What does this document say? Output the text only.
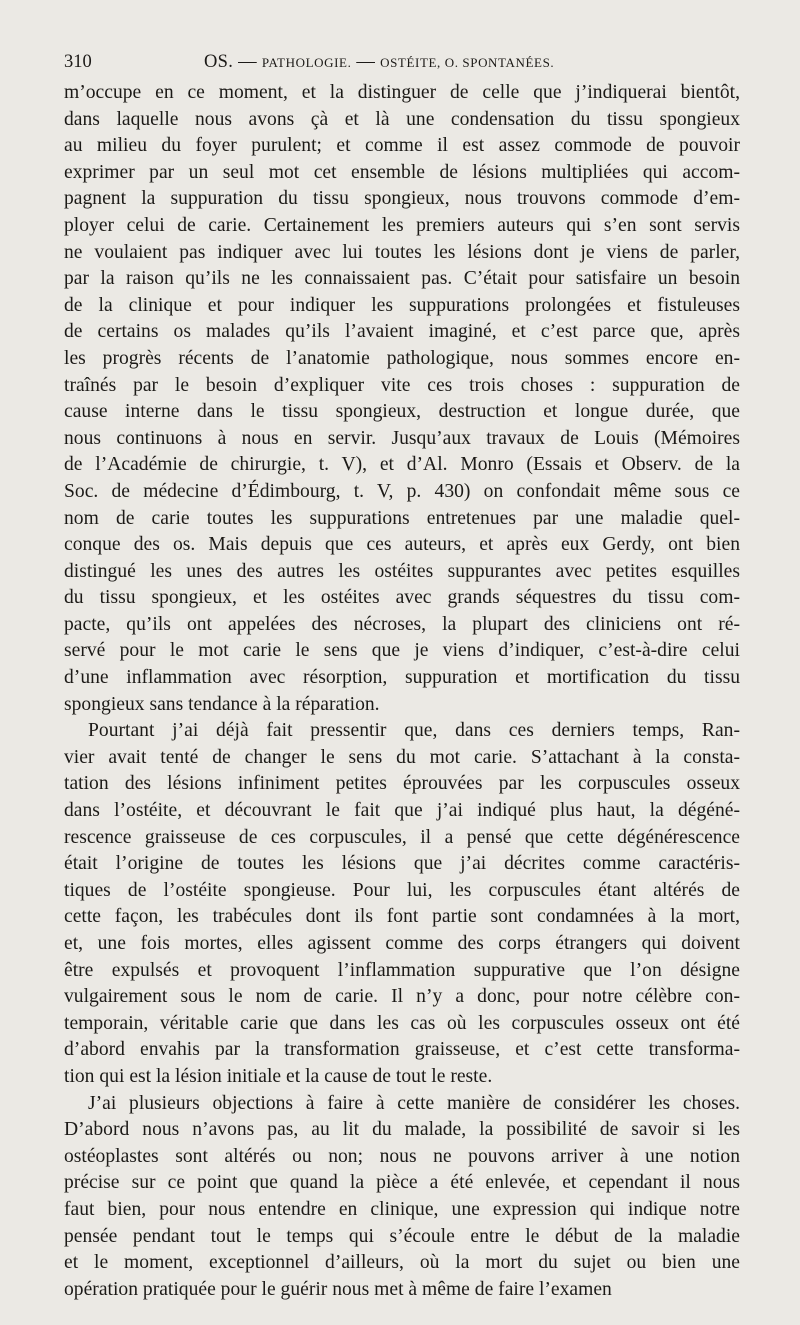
310	OS. — PATHOLOGIE. — OSTÉITE, O. SPONTANÉES.
m’occupe en ce moment, et la distinguer de celle que j’indiquerai bientôt,
dans laquelle nous avons çà et là une condensation du tissu spongieux
au milieu du foyer purulent; et comme il est assez commode de pouvoir
exprimer par un seul mot cet ensemble de lésions multipliées qui accom-
pagnent la suppuration du tissu spongieux, nous trouvons commode d’em-
ployer celui de carie. Certainement les premiers auteurs qui s’en sont servis
ne voulaient pas indiquer avec lui toutes les lésions dont je viens de parler,
par la raison qu’ils ne les connaissaient pas. C’était pour satisfaire un besoin
de la clinique et pour indiquer les suppurations prolongées et fistuleuses
de certains os malades qu’ils l’avaient imaginé, et c’est parce que, après
les progrès récents de l’anatomie pathologique, nous sommes encore en-
traînés par le besoin d’expliquer vite ces trois choses : suppuration de
cause interne dans le tissu spongieux, destruction et longue durée, que
nous continuons à nous en servir. Jusqu’aux travaux de Louis (Mémoires
de l’Académie de chirurgie, t. V), et d’Al. Monro (Essais et Observ. de la
Soc. de médecine d’Édimbourg, t. V, p. 430) on confondait même sous ce
nom de carie toutes les suppurations entretenues par une maladie quel-
conque des os. Mais depuis que ces auteurs, et après eux Gerdy, ont bien
distingué les unes des autres les ostéites suppurantes avec petites esquilles
du tissu spongieux, et les ostéites avec grands séquestres du tissu com-
pacte, qu’ils ont appelées des nécroses, la plupart des cliniciens ont ré-
servé pour le mot carie le sens que je viens d’indiquer, c’est-à-dire celui
d’une inflammation avec résorption, suppuration et mortification du tissu
spongieux sans tendance à la réparation.
Pourtant j’ai déjà fait pressentir que, dans ces derniers temps, Ran-
vier avait tenté de changer le sens du mot carie. S’attachant à la consta-
tation des lésions infiniment petites éprouvées par les corpuscules osseux
dans l’ostéite, et découvrant le fait que j’ai indiqué plus haut, la dégéné-
rescence graisseuse de ces corpuscules, il a pensé que cette dégénérescence
était l’origine de toutes les lésions que j’ai décrites comme caractéris-
tiques de l’ostéite spongieuse. Pour lui, les corpuscules étant altérés de
cette façon, les trabécules dont ils font partie sont condamnées à la mort,
et, une fois mortes, elles agissent comme des corps étrangers qui doivent
être expulsés et provoquent l’inflammation suppurative que l’on désigne
vulgairement sous le nom de carie. Il n’y a donc, pour notre célèbre con-
temporain, véritable carie que dans les cas où les corpuscules osseux ont été
d’abord envahis par la transformation graisseuse, et c’est cette transforma-
tion qui est la lésion initiale et la cause de tout le reste.
J’ai plusieurs objections à faire à cette manière de considérer les choses.
D’abord nous n’avons pas, au lit du malade, la possibilité de savoir si les
ostéoplastes sont altérés ou non; nous ne pouvons arriver à une notion
précise sur ce point que quand la pièce a été enlevée, et cependant il nous
faut bien, pour nous entendre en clinique, une expression qui indique notre
pensée pendant tout le temps qui s’écoule entre le début de la maladie
et le moment, exceptionnel d’ailleurs, où la mort du sujet ou bien une
opération pratiquée pour le guérir nous met à même de faire l’examen
